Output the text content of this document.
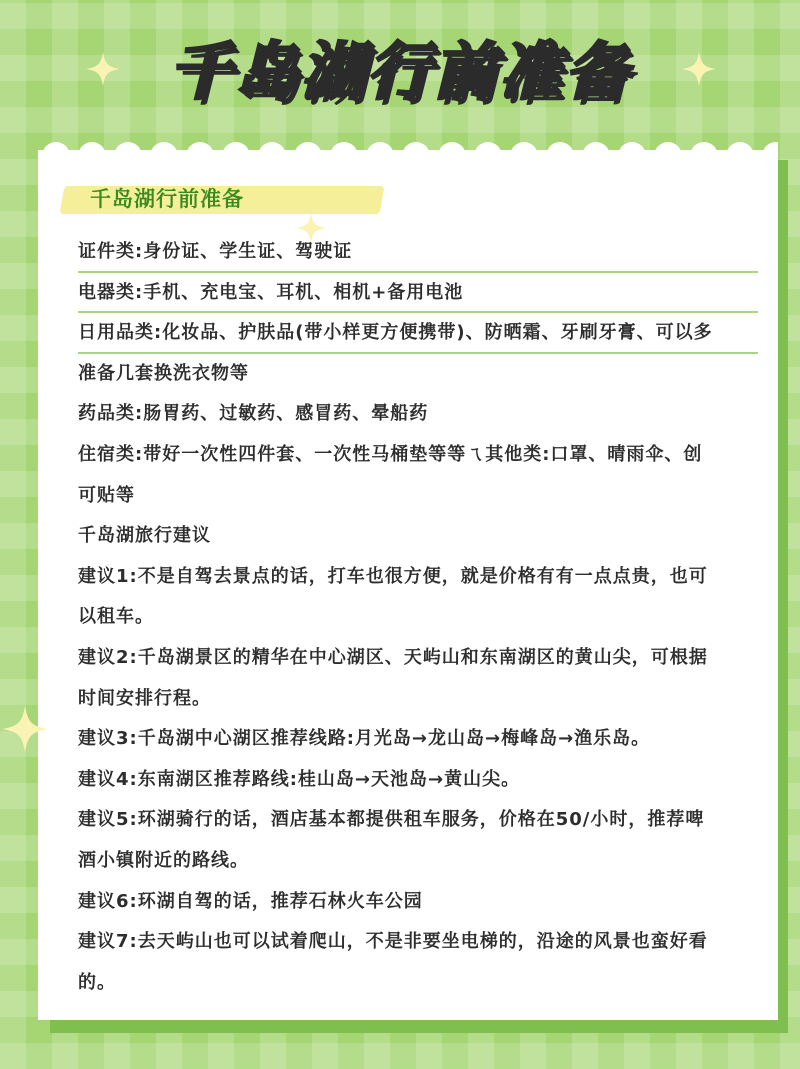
千岛湖行前准备
千岛湖行前准备
证件类:身份证、学生证、驾驶证
电器类:手机、充电宝、耳机、相机+备用电池
日用品类:化妆品、护肤品(带小样更方便携带)、防晒霜、牙刷牙膏、可以多
准备几套换洗衣物等
药品类:肠胃药、过敏药、感冒药、晕船药
住宿类:带好一次性四件套、一次性马桶垫等等ㄟ其他类:口罩、晴雨伞、创
可贴等
千岛湖旅行建议
建议1:不是自驾去景点的话，打车也很方便，就是价格有有一点点贵，也可
以租车。
建议2:千岛湖景区的精华在中心湖区、天屿山和东南湖区的黄山尖，可根据
时间安排行程。
建议3:千岛湖中心湖区推荐线路:月光岛→龙山岛→梅峰岛→渔乐岛。
建议4:东南湖区推荐路线:桂山岛→天池岛→黄山尖。
建议5:环湖骑行的话，酒店基本都提供租车服务，价格在50/小时，推荐啤
酒小镇附近的路线。
建议6:环湖自驾的话，推荐石林火车公园
建议7:去天屿山也可以试着爬山，不是非要坐电梯的，沿途的风景也蛮好看
的。
